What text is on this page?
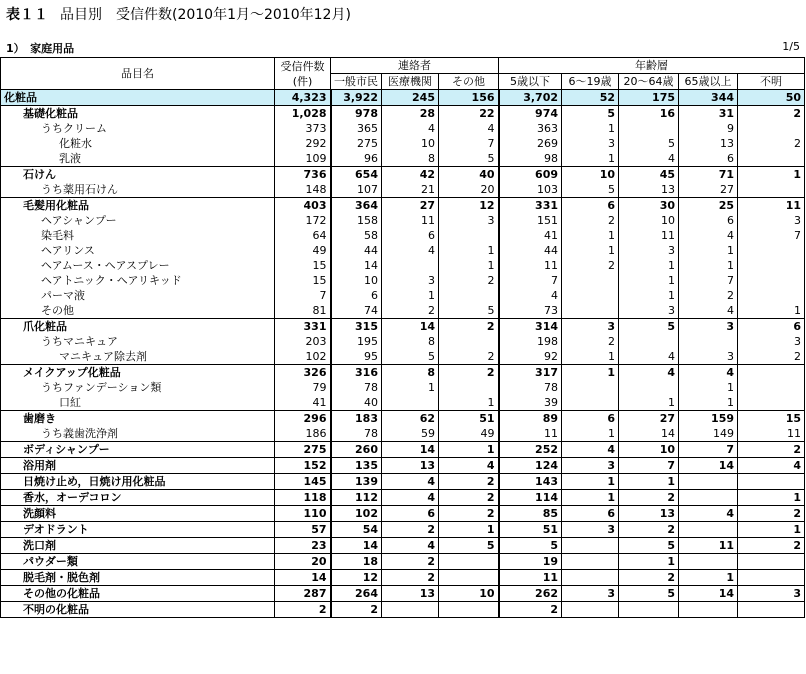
表１１ 品目別　受信件数(2010年1月～2010年12月)
1）　家庭用品	1/5
品目名	受信件数(件)	連絡者			年齢層				
		一般市民	医療機関	その他	5歳以下	6～19歳	20～64歳	65歳以上	不明
化粧品	4,323	3,922	245	156	3,702	52	175	344	50
基礎化粧品	1,028	978	28	22	974	5	16	31	2
うちクリーム	373	365	4	4	363	1		9	
化粧水	292	275	10	7	269	3	5	13	2
乳液	109	96	8	5	98	1	4	6	
石けん	736	654	42	40	609	10	45	71	1
うち薬用石けん	148	107	21	20	103	5	13	27	
毛髪用化粧品	403	364	27	12	331	6	30	25	11
ヘアシャンプー	172	158	11	3	151	2	10	6	3
染毛料	64	58	6		41	1	11	4	7
ヘアリンス	49	44	4	1	44	1	3	1	
ヘアムース・ヘアスプレー	15	14		1	11	2	1	1	
ヘアトニック・ヘアリキッド	15	10	3	2	7		1	7	
パーマ液	7	6	1		4		1	2	
その他	81	74	2	5	73		3	4	1
爪化粧品	331	315	14	2	314	3	5	3	6
うちマニキュア	203	195	8		198	2			3
マニキュア除去剤	102	95	5	2	92	1	4	3	2
メイクアップ化粧品	326	316	8	2	317	1	4	4	
うちファンデーション類	79	78	1		78			1	
口紅	41	40		1	39		1	1	
歯磨き	296	183	62	51	89	6	27	159	15
うち義歯洗浄剤	186	78	59	49	11	1	14	149	11
ボディシャンプー	275	260	14	1	252	4	10	7	2
浴用剤	152	135	13	4	124	3	7	14	4
日焼け止め，日焼け用化粧品	145	139	4	2	143	1	1		
香水，オーデコロン	118	112	4	2	114	1	2		1
洗顔料	110	102	6	2	85	6	13	4	2
デオドラント	57	54	2	1	51	3	2		1
洗口剤	23	14	4	5	5		5	11	2
パウダー類	20	18	2		19		1		
脱毛剤・脱色剤	14	12	2		11		2	1	
その他の化粧品	287	264	13	10	262	3	5	14	3
不明の化粧品	2	2			2				
